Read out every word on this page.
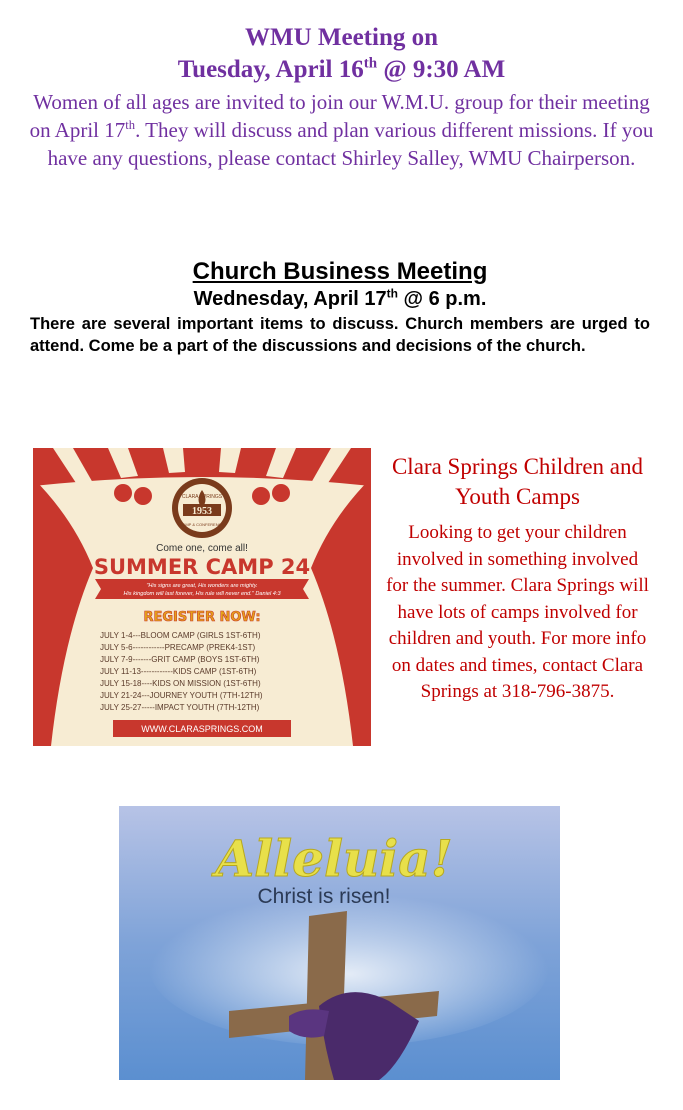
WMU Meeting on
Tuesday, April 16th @ 9:30 AM
Women of all ages are invited to join our W.M.U. group for their meeting on April 17th. They will discuss and plan various different missions. If you have any questions, please contact Shirley Salley, WMU Chairperson.
Church Business Meeting
Wednesday, April 17th @ 6 p.m.
There are several important items to discuss. Church members are urged to attend. Come be a part of the discussions and decisions of the church.
CLARA SPRINGS
1953
CAMP & CONFERENCE
Come one, come all!
SUMMER CAMP 24
"His signs are great, His wonders are mighty.
His kingdom will last forever, His rule will never end." Daniel 4:3
REGISTER NOW:
JULY 1-4---BLOOM CAMP (GIRLS 1ST-6TH)
JULY 5-6------------PRECAMP (PREK4-1ST)
JULY 7-9-------GRIT CAMP (BOYS 1ST-6TH)
JULY 11-13------------KIDS CAMP (1ST-6TH)
JULY 15-18----KIDS ON MISSION (1ST-6TH)
JULY 21-24---JOURNEY YOUTH (7TH-12TH)
JULY 25-27-----IMPACT YOUTH (7TH-12TH)
WWW.CLARASPRINGS.COM
Clara Springs Children and Youth Camps
Looking to get your children involved in something involved for the summer. Clara Springs will have lots of camps involved for children and youth. For more info on dates and times, contact Clara Springs at 318-796-3875.
Alleluia!
Christ is risen!
